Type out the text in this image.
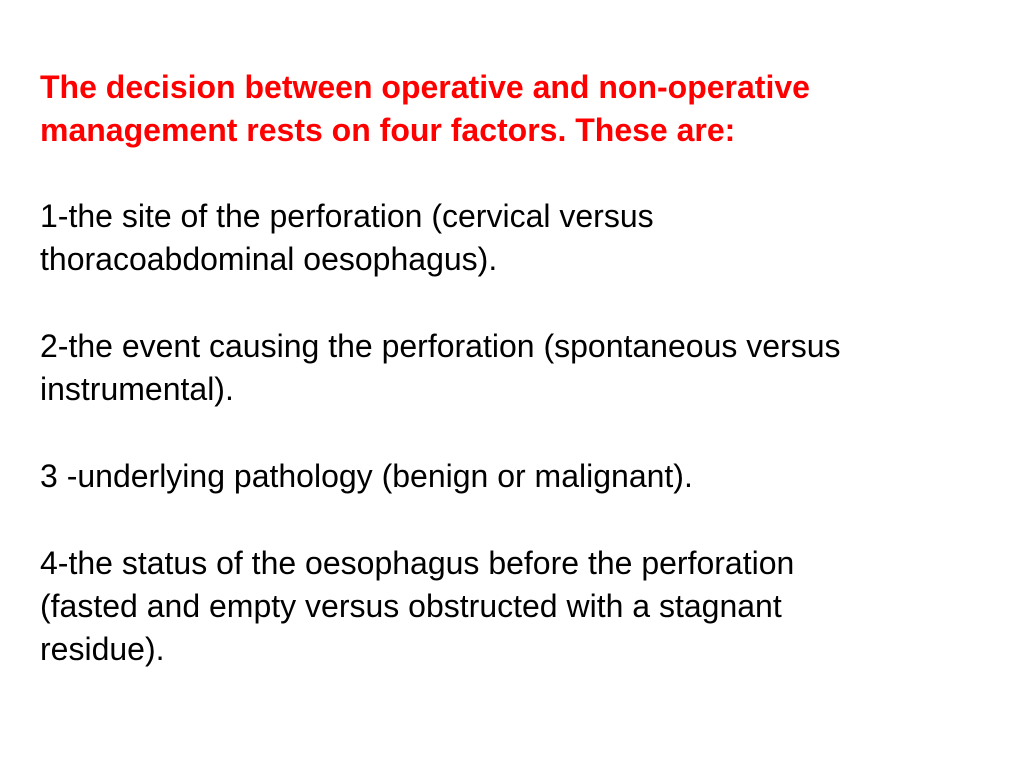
The decision between operative and non-operative
management rests on four factors. These are:
1-the site of the perforation (cervical versus
thoracoabdominal oesophagus).
2-the event causing the perforation (spontaneous versus
instrumental).
3 -underlying pathology (benign or malignant).
4-the status of the oesophagus before the perforation
(fasted and empty versus obstructed with a stagnant
residue).
